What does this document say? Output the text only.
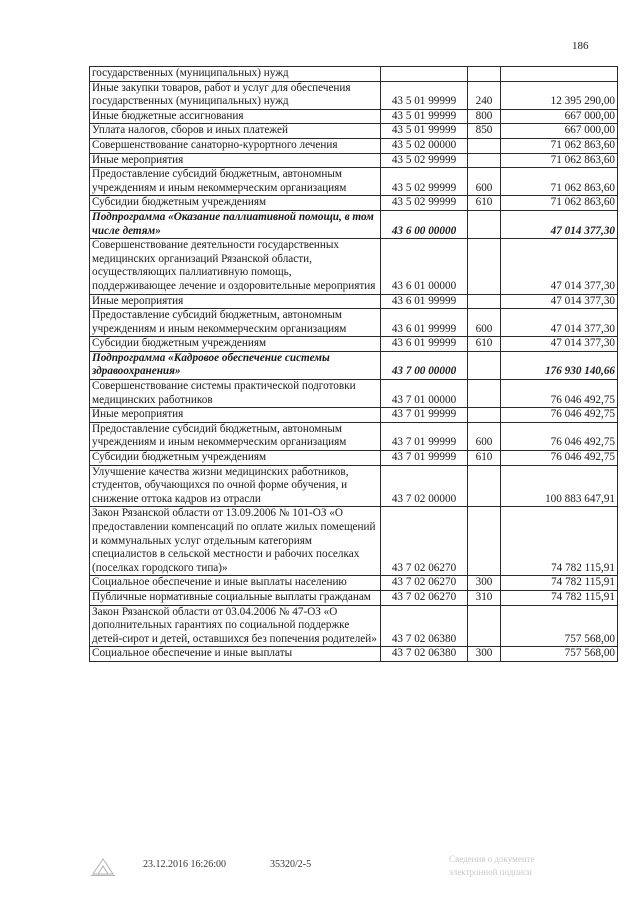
186
государственных (муниципальных) нужд			
Иные закупки товаров, работ и услуг для обеспечения государственных (муниципальных) нужд	43 5 01 99999	240	12 395 290,00
Иные бюджетные ассигнования	43 5 01 99999	800	667 000,00
Уплата налогов, сборов и иных платежей	43 5 01 99999	850	667 000,00
Совершенствование санаторно-курортного лечения	43 5 02 00000		71 062 863,60
Иные мероприятия	43 5 02 99999		71 062 863,60
Предоставление субсидий бюджетным, автономным учреждениям и иным некоммерческим организациям	43 5 02 99999	600	71 062 863,60
Субсидии бюджетным учреждениям	43 5 02 99999	610	71 062 863,60
Подпрограмма «Оказание паллиативной помощи, в том числе детям»	43 6 00 00000		47 014 377,30
Совершенствование деятельности государственных медицинских организаций Рязанской области, осуществляющих паллиативную помощь, поддерживающее лечение и оздоровительные мероприятия	43 6 01 00000		47 014 377,30
Иные мероприятия	43 6 01 99999		47 014 377,30
Предоставление субсидий бюджетным, автономным учреждениям и иным некоммерческим организациям	43 6 01 99999	600	47 014 377,30
Субсидии бюджетным учреждениям	43 6 01 99999	610	47 014 377,30
Подпрограмма «Кадровое обеспечение системы здравоохранения»	43 7 00 00000		176 930 140,66
Совершенствование системы практической подготовки медицинских работников	43 7 01 00000		76 046 492,75
Иные мероприятия	43 7 01 99999		76 046 492,75
Предоставление субсидий бюджетным, автономным учреждениям и иным некоммерческим организациям	43 7 01 99999	600	76 046 492,75
Субсидии бюджетным учреждениям	43 7 01 99999	610	76 046 492,75
Улучшение качества жизни медицинских работников, студентов, обучающихся по очной форме обучения, и снижение оттока кадров из отрасли	43 7 02 00000		100 883 647,91
Закон Рязанской области от 13.09.2006 № 101-ОЗ «О предоставлении компенсаций по оплате жилых помещений и коммунальных услуг отдельным категориям специалистов в сельской местности и рабочих поселках (поселках городского типа)»	43 7 02 06270		74 782 115,91
Социальное обеспечение и иные выплаты населению	43 7 02 06270	300	74 782 115,91
Публичные нормативные социальные выплаты гражданам	43 7 02 06270	310	74 782 115,91
Закон Рязанской области от 03.04.2006 № 47-ОЗ «О дополнительных гарантиях по социальной поддержке детей-сирот и детей, оставшихся без попечения родителей»	43 7 02 06380		757 568,00
Социальное обеспечение и иные выплаты	43 7 02 06380	300	757 568,00
23.12.2016 16:26:00	35320/2-5	Сведения о документе
электронной подписи
